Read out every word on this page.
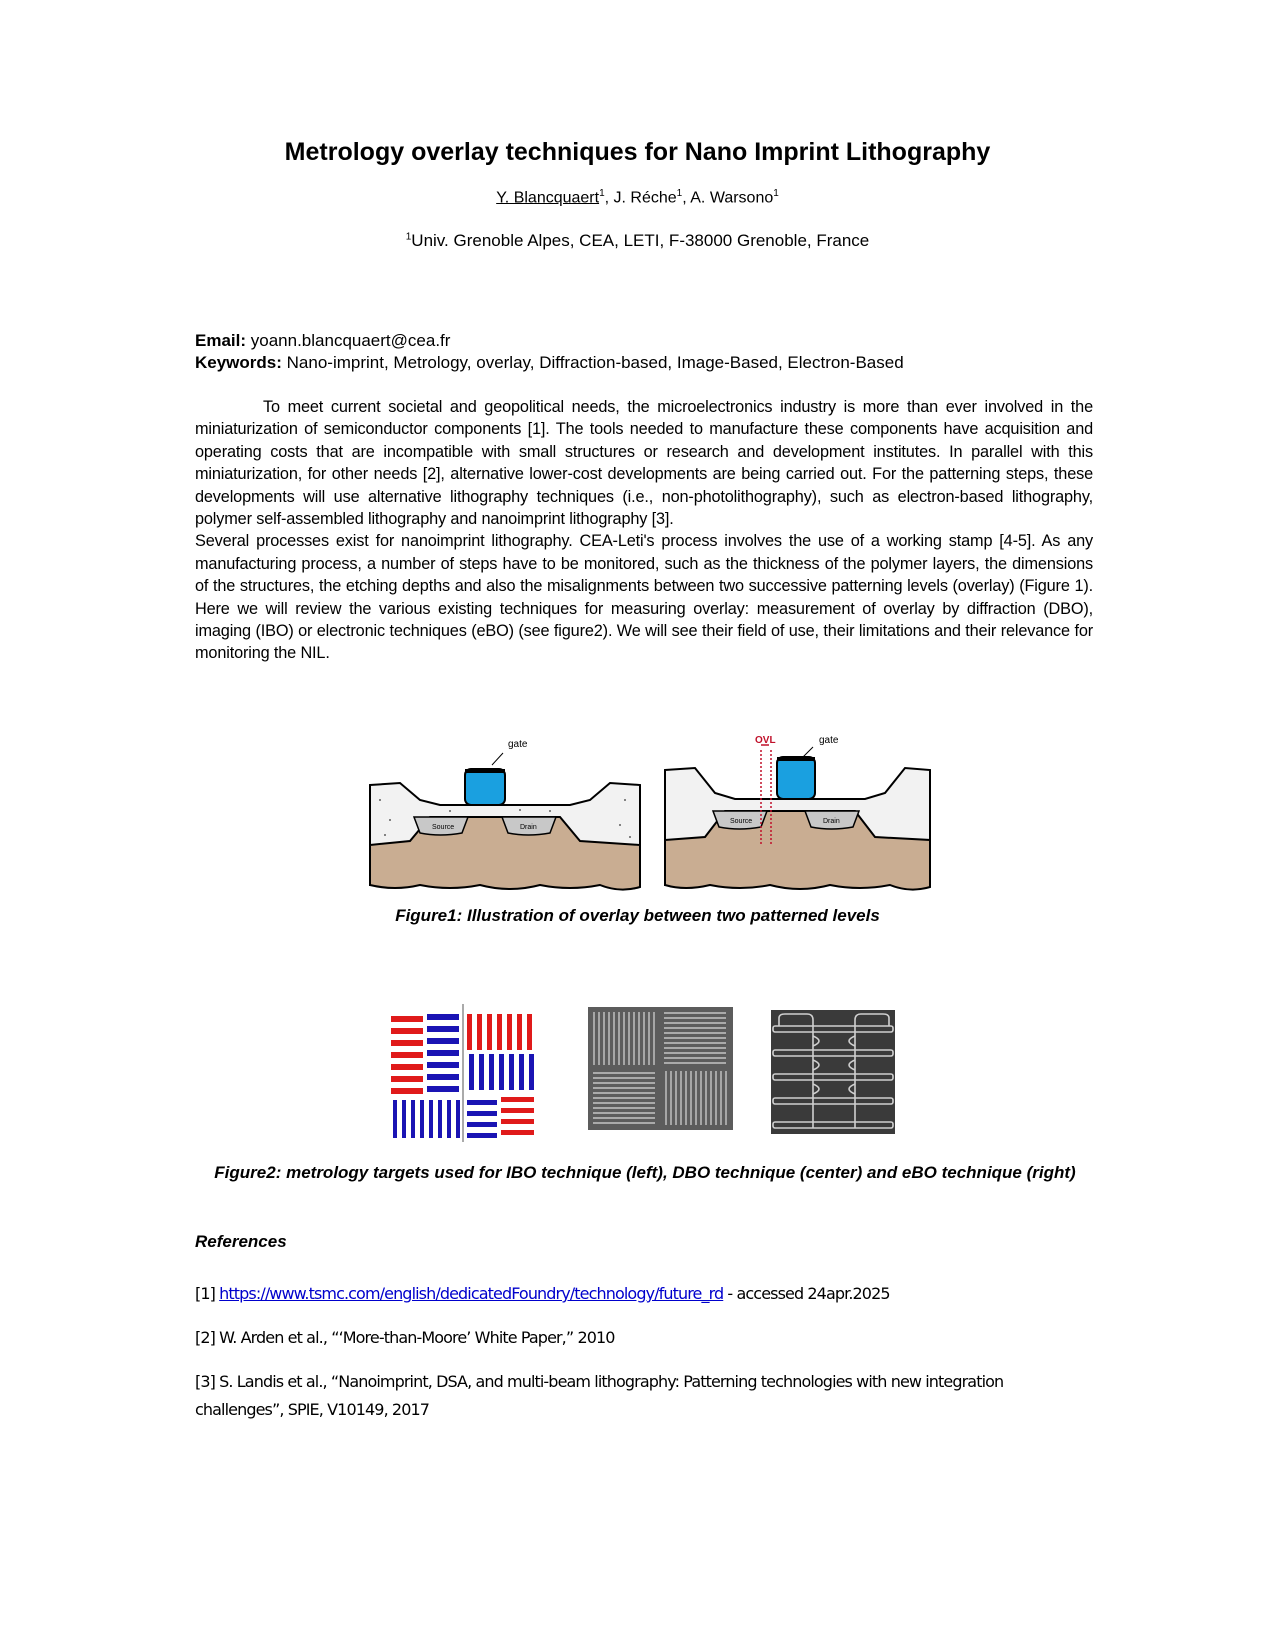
Metrology overlay techniques for Nano Imprint Lithography
Y. Blancquaert$^1$, J. Réche$^1$, A. Warsono$^1$
$^1$Univ. Grenoble Alpes, CEA, LETI, F-38000 Grenoble, France
Email: yoann.blancquaert@cea.fr
Keywords: Nano-imprint, Metrology, overlay, Diffraction-based, Image-Based, Electron-Based

To meet current societal and geopolitical needs, the microelectronics industry is more than ever involved in the miniaturization of semiconductor components [1]. The tools needed to manufacture these components have acquisition and operating costs that are incompatible with small structures or research and development institutes. In parallel with this miniaturization, for other needs [2], alternative lower-cost developments are being carried out. For the patterning steps, these developments will use alternative lithography techniques (i.e., non-photolithography), such as electron-based lithography, polymer self-assembled lithography and nanoimprint lithography [3].

Several processes exist for nanoimprint lithography. CEA-Leti's process involves the use of a working stamp [4-5]. As any manufacturing process, a number of steps have to be monitored, such as the thickness of the polymer layers, the dimensions of the structures, the etching depths and also the misalignments between two successive patterning levels (overlay) (Figure 1). Here we will review the various existing techniques for measuring overlay: measurement of overlay by diffraction (DBO), imaging (IBO) or electronic techniques (eBO) (see figure2). We will see their field of use, their limitations and their relevance for monitoring the NIL.

Source	Drain
gate	OVL	gate
Source	Drain
Figure1: Illustration of overlay between two patterned levels
Figure2: metrology targets used for IBO technique (left), DBO technique (center) and eBO technique (right)
References
[1] https://www.tsmc.com/english/dedicatedFoundry/technology/future_rd - accessed 24apr.2025
[2] W. Arden et al., “‘More-than-Moore’ White Paper,” 2010
[3] S. Landis et al., “Nanoimprint, DSA, and multi-beam lithography: Patterning technologies with new integration challenges”, SPIE, V10149, 2017
